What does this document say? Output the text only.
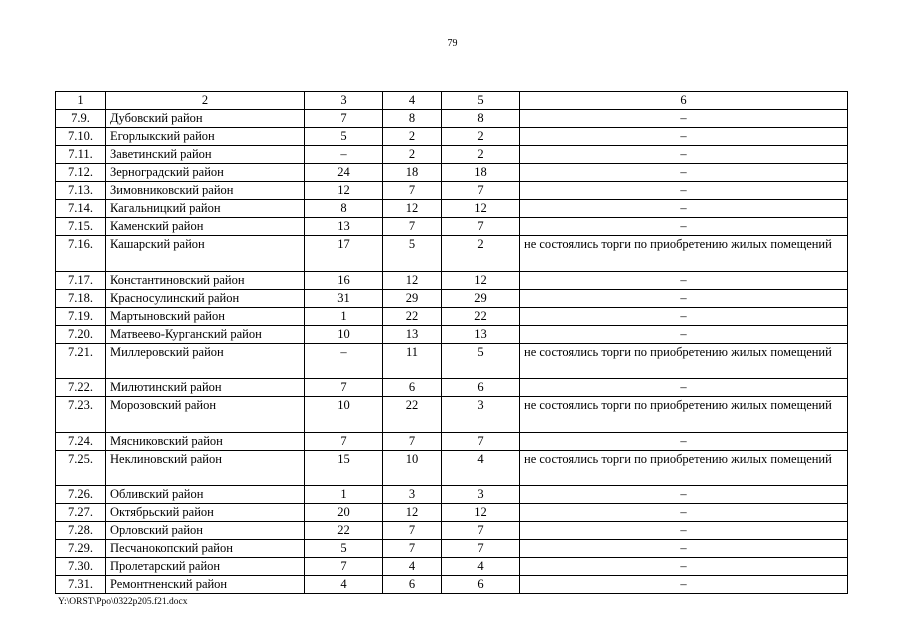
79
1	2	3	4	5	6
7.9.	Дубовский район	7	8	8	–
7.10.	Егорлыкский район	5	2	2	–
7.11.	Заветинский район	–	2	2	–
7.12.	Зерноградский район	24	18	18	–
7.13.	Зимовниковский район	12	7	7	–
7.14.	Кагальницкий район	8	12	12	–
7.15.	Каменский район	13	7	7	–
7.16.	Кашарский район	17	5	2	не состоялись торги по приобретению жилых помещений
7.17.	Константиновский район	16	12	12	–
7.18.	Красносулинский район	31	29	29	–
7.19.	Мартыновский район	1	22	22	–
7.20.	Матвеево-Курганский район	10	13	13	–
7.21.	Миллеровский район	–	11	5	не состоялись торги по приобретению жилых помещений
7.22.	Милютинский район	7	6	6	–
7.23.	Морозовский район	10	22	3	не состоялись торги по приобретению жилых помещений
7.24.	Мясниковский район	7	7	7	–
7.25.	Неклиновский район	15	10	4	не состоялись торги по приобретению жилых помещений
7.26.	Обливский район	1	3	3	–
7.27.	Октябрьский район	20	12	12	–
7.28.	Орловский район	22	7	7	–
7.29.	Песчанокопский район	5	7	7	–
7.30.	Пролетарский район	7	4	4	–
7.31.	Ремонтненский район	4	6	6	–
Y:\ORST\Ppo\0322p205.f21.docx
